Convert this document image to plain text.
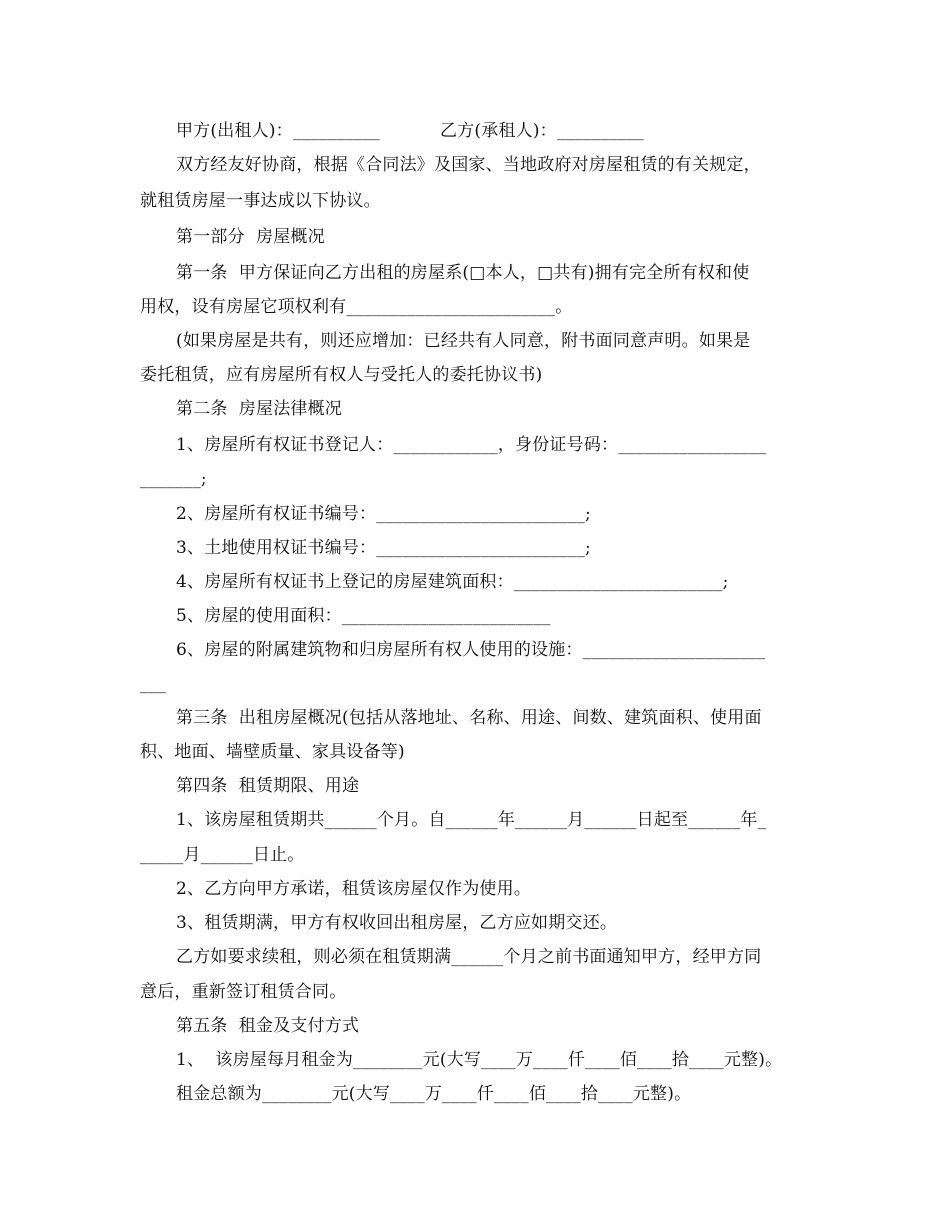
甲方(出租人)：__________	乙方(承租人)：__________
双方经友好协商，根据《合同法》及国家、当地政府对房屋租赁的有关规定，
就租赁房屋一事达成以下协议。
第一部分  房屋概况
第一条  甲方保证向乙方出租的房屋系(□本人，□共有)拥有完全所有权和使
用权，设有房屋它项权利有________________________。
(如果房屋是共有，则还应增加：已经共有人同意，附书面同意声明。如果是
委托租赁，应有房屋所有权人与受托人的委托协议书)
第二条  房屋法律概况
1、房屋所有权证书登记人：____________，身份证号码：_________________
_______;
2、房屋所有权证书编号：________________________;
3、土地使用权证书编号：________________________;
4、房屋所有权证书上登记的房屋建筑面积：________________________;
5、房屋的使用面积：________________________
6、房屋的附属建筑物和归房屋所有权人使用的设施：_____________________
___
第三条  出租房屋概况(包括从落地址、名称、用途、间数、建筑面积、使用面
积、地面、墙壁质量、家具设备等)
第四条  租赁期限、用途
1、该房屋租赁期共______个月。自______年______月______日起至______年_
_____月______日止。
2、乙方向甲方承诺，租赁该房屋仅作为使用。
3、租赁期满，甲方有权收回出租房屋，乙方应如期交还。
乙方如要求续租，则必须在租赁期满______个月之前书面通知甲方，经甲方同
意后，重新签订租赁合同。
第五条  租金及支付方式
1、  该房屋每月租金为________元(大写____万____仟____佰____拾____元整)。
租金总额为________元(大写____万____仟____佰____拾____元整)。
